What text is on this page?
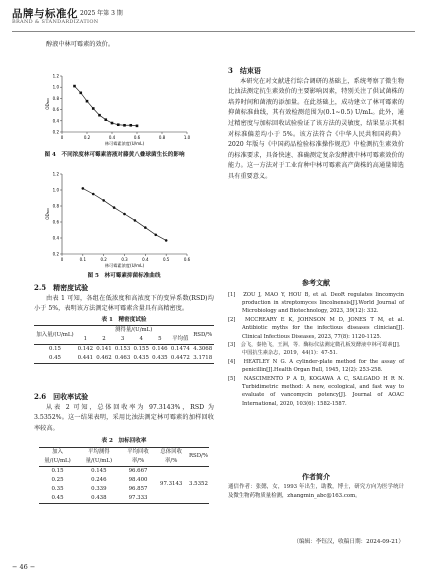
品牌与标准化 2025 年第 3 期
BRAND & STANDARDIZATION

醇液中林可霉素的效价。

0	0.2	0.4	0.6	0.8	1.0
0.2
0.4
0.6
0.8
1.0
1.2
林可霉素浓度(U/mL)
OD₆₀₀
图 4　不同浓度林可霉素溶液对藤黄八叠球菌生长的影响
0	0.1	0.2	0.3	0.4	0.5	0.6
0.2
0.4
0.6
0.8
1.0
1.2
林可霉素浓度(U/mL)
OD₆₀₀
图 5　林可霉素抑菌标准曲线
2.5　精密度试验

由表 1 可知，各组在低浓度和高浓度下的变异系数(RSD)均小于 5%，表明该方法测定林可霉素含量具有高精密度。

表 1　精密度试验
加入量/(U/mL)	测得量/(U/mL)						RSD/%
	1	2	3	4	5	平均值	
0.15	0.142	0.141	0.153	0.155	0.146	0.1474	4.3068
0.45	0.441	0.462	0.463	0.435	0.435	0.4472	3.1718
2.6　回收率试验

从表 2 可知，总体回收率为 97.3143%，RSD 为 3.5352%。这一结果表明，采用比浊法测定林可霉素的加样回收率较高。

表 2　加标回收率
加入量/(U/mL)	平均测得量/(U/mL)	平均回收率/%	总体回收率/%	RSD/%
0.15	0.145	96.667	97.3143	3.5352
0.25	0.246	98.400		
0.35	0.339	96.857		
0.45	0.438	97.333		
3　结束语

本研究在对文献进行综合调研的基础上，系统考察了微生物比浊法测定抗生素效价的主要影响因素，特别关注了供试菌株的培养时间和菌液的添加量。在此基础上，成功建立了林可霉素的抑菌标准曲线，其有效检测范围为(0.1~0.5) U/mL。此外，通过精密度与加标回收试验验证了该方法的灵敏度，结果显示其相对标准偏差均小于 5%。该方法符合《中华人民共和国药典》2020 年版与《中国药品检验标准操作规范》中检测抗生素效价的标准要求，具备快速、准确测定复杂发酵液中林可霉素效价的能力。这一方法对于工业育种中林可霉素高产菌株的高通量筛选具有重要意义。

参考文献

[1]　ZOU J, MAO Y, HOU B, et al. DeoR regulates lincomycin production in streptomyces lincolnensis[J].World Journal of Microbiology and Biotechnology, 2023, 39(12): 332.

[2]　MCCREARY E K, JOHNSON M D, JONES T M, et al. Antibiotic myths for the infectious diseases clinician[J]. Clinical Infectious Diseases, 2023, 77(8): 1120-1125.

[3]　会飞，秦艳飞，王洲，等．酶标仪法测定微孔板发酵液中林可霉素[J]．中国抗生素杂志，2019，44(1)：47-51.

[4]　HEATLEY N G. A cylinder-plate method for the assay of penicillin[J].Health Organ Bull, 1945, 12(2): 253-258.

[5]　NASCIMENTO P A D, KOGAWA A C, SALGADO H R N. Turbidimetric method: A new, ecological, and fast way to evaluate of vancomycin potency[J]. Journal of AOAC International, 2020, 103(6): 1582-1587.

作者简介

通信作者：张懿，女，1993 年出生，助教，博士，研究方向为医学统计及微生物药物质量检测，zhangmin_abc@163.com。

（编辑：李钰汉，收稿日期：2024-09-21）
− 46 −
